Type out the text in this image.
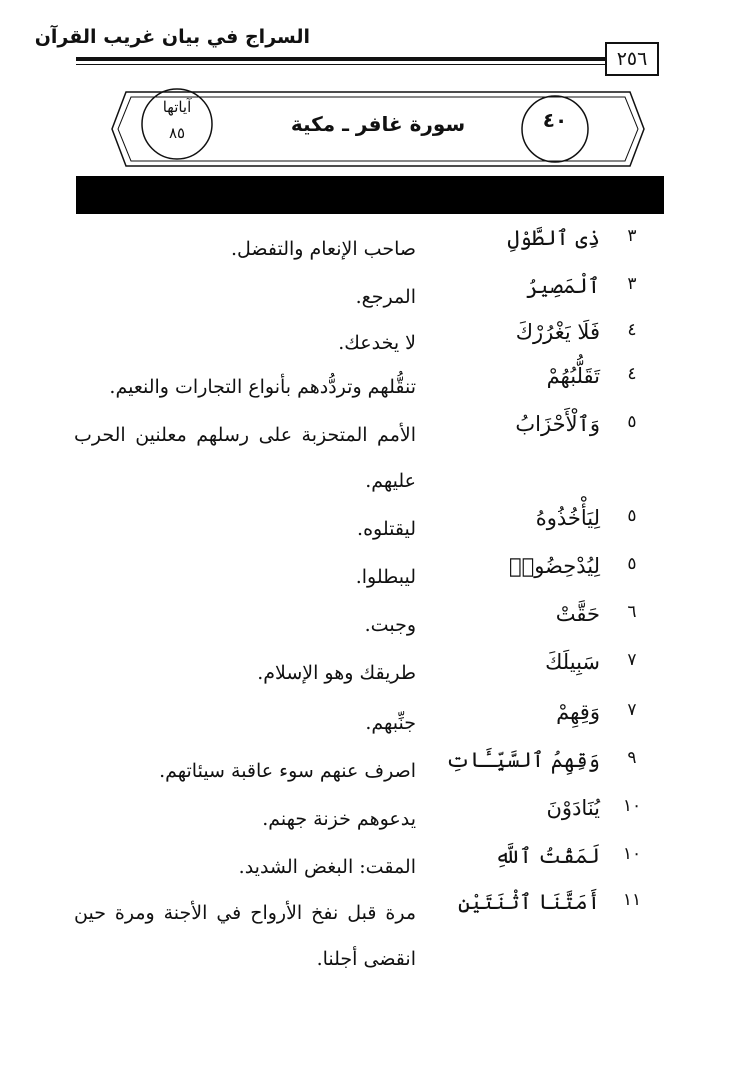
السراج في بيان غريب القرآن
٢٥٦
سورة غافر ـ مكية	٤٠
آياتها
٨٥
٣
ذِى ٱلطَّوْلِ
صاحب الإنعام والتفضل.
٣
ٱلْمَصِيرُ
المرجع.
٤
فَلَا يَغْرُرْكَ
لا يخدعك.
٤
تَقَلُّبُهُمْ
تنقُّلهم وتردُّدهم بأنواع التجارات والنعيم.
٥
وَٱلْأَحْزَابُ
الأمم المتحزبة على رسلهم معلنين الحرب عليهم.
٥
لِيَأْخُذُوهُ
ليقتلوه.
٥
لِيُدْحِضُوا۟
ليبطلوا.
٦
حَقَّتْ
وجبت.
٧
سَبِيلَكَ
طريقك وهو الإسلام.
٧
وَقِهِمْ
جنِّبهم.
٩
وَقِهِمُ ٱلسَّيِّـَٔاتِ
اصرف عنهم سوء عاقبة سيئاتهم.
١٠
يُنَادَوْنَ
يدعوهم خزنة جهنم.
١٠
لَمَقْتُ ٱللَّهِ
المقت: البغض الشديد.
١١
أَمَتَّنَا ٱثْنَتَيْنِ
مرة قبل نفخ الأرواح في الأجنة ومرة حين انقضى أجلنا.
